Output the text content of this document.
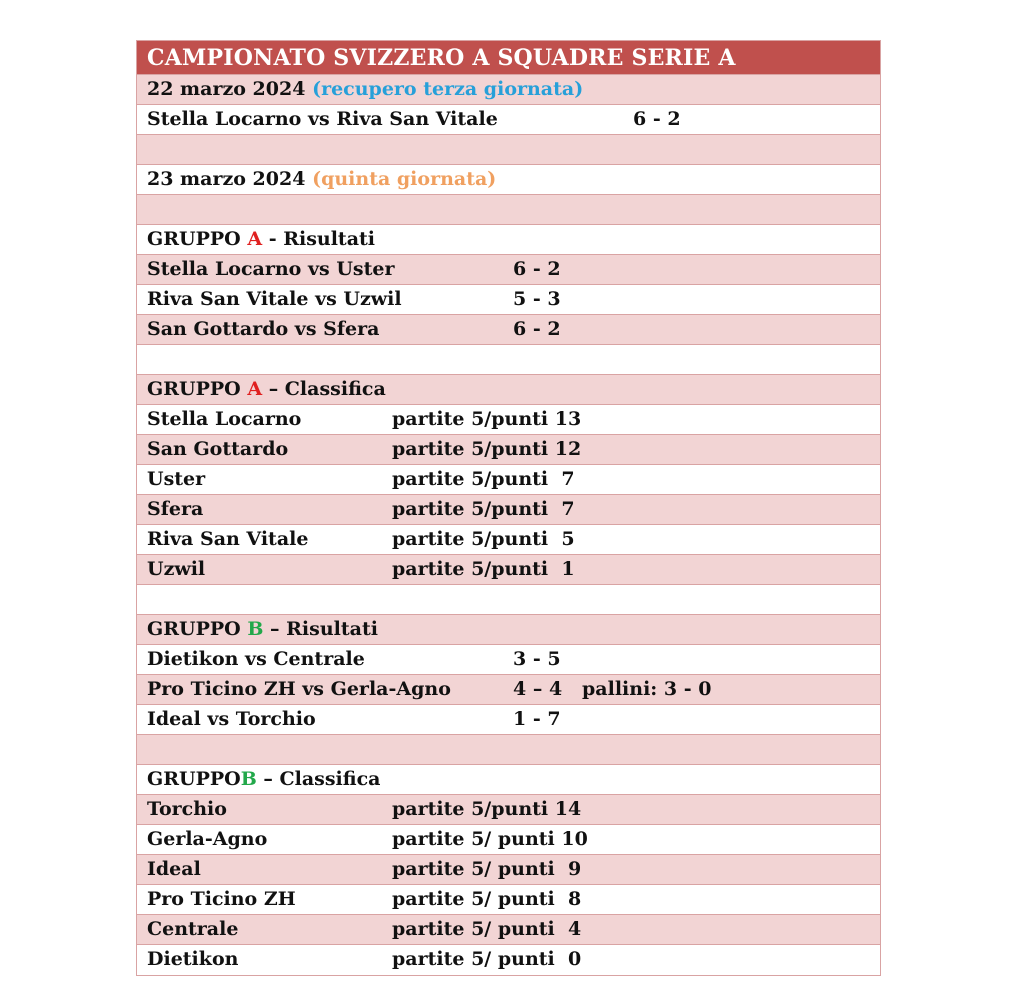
CAMPIONATO SVIZZERO A SQUADRE SERIE A
22 marzo 2024 (recupero terza giornata)
Stella Locarno vs Riva San Vitale	6 - 2
23 marzo 2024 (quinta giornata)
GRUPPO A - Risultati
Stella Locarno vs Uster	6 - 2
Riva San Vitale vs Uzwil	5 - 3
San Gottardo vs Sfera	6 - 2
GRUPPO A – Classifica
Stella Locarno	partite 5/punti 13
San Gottardo	partite 5/punti 12
Uster	partite 5/punti  7
Sfera	partite 5/punti  7
Riva San Vitale	partite 5/punti  5
Uzwil	partite 5/punti  1
GRUPPO B – Risultati
Dietikon vs Centrale	3 - 5
Pro Ticino ZH vs Gerla-Agno	4 – 4   pallini: 3 - 0
Ideal vs Torchio	1 - 7
GRUPPOB – Classifica
Torchio	partite 5/punti 14
Gerla-Agno	partite 5/ punti 10
Ideal	partite 5/ punti  9
Pro Ticino ZH	partite 5/ punti  8
Centrale	partite 5/ punti  4
Dietikon	partite 5/ punti  0
